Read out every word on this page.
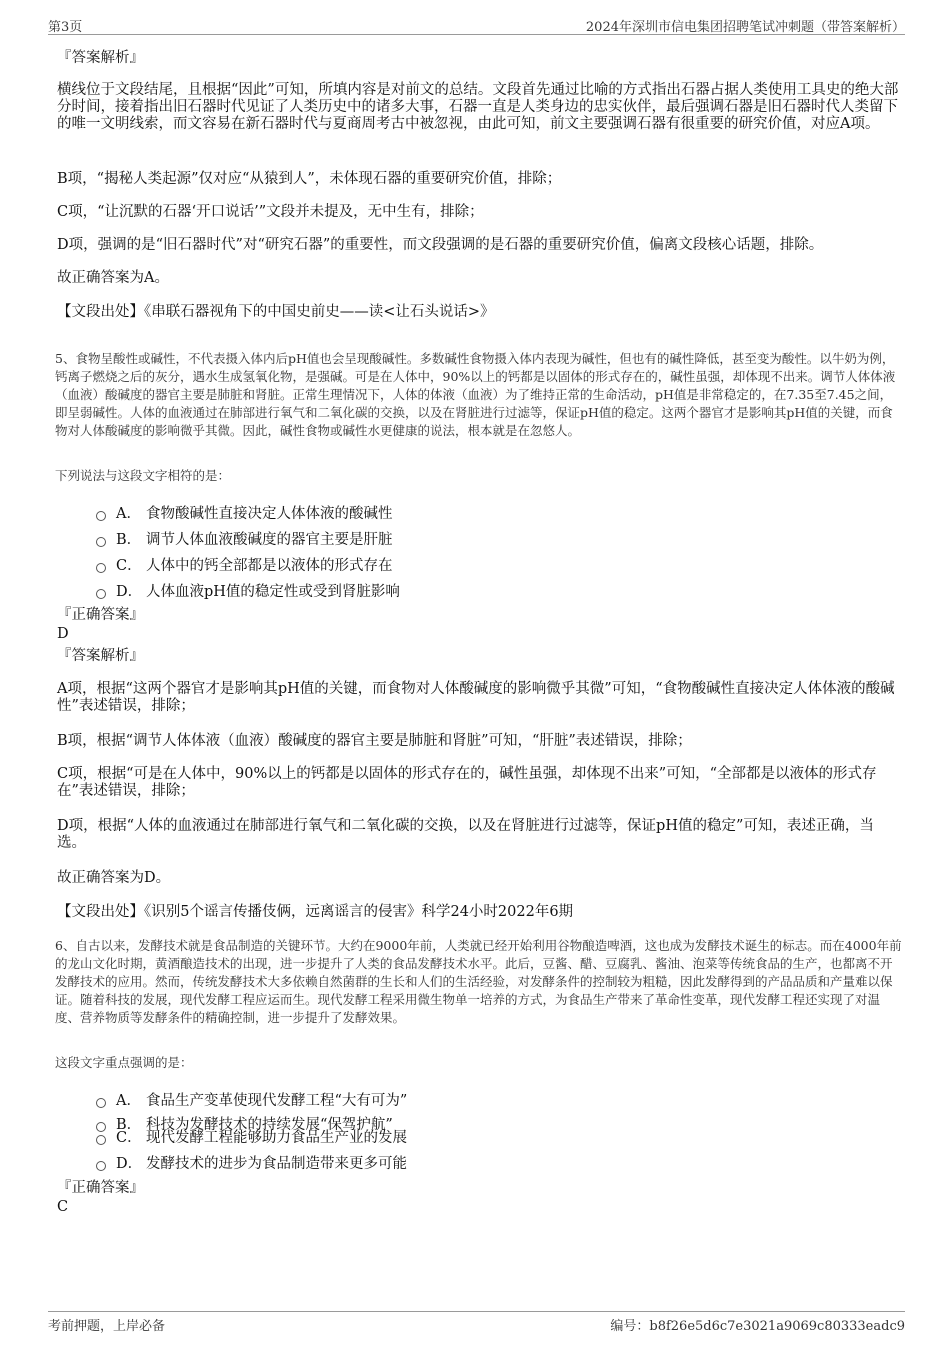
第3页	2024年深圳市信电集团招聘笔试冲刺题（带答案解析）
『答案解析』
横线位于文段结尾，且根据“因此”可知，所填内容是对前文的总结。文段首先通过比喻的方式指出石器占据人类使用工具史的绝大部分时间，接着指出旧石器时代见证了人类历史中的诸多大事，石器一直是人类身边的忠实伙伴，最后强调石器是旧石器时代人类留下的唯一文明线索，而文容易在新石器时代与夏商周考古中被忽视，由此可知，前文主要强调石器有很重要的研究价值，对应A项。
B项，“揭秘人类起源”仅对应“从猿到人”，未体现石器的重要研究价值，排除；
C项，“让沉默的石器‘开口说话’”文段并未提及，无中生有，排除；
D项，强调的是“旧石器时代”对“研究石器”的重要性，而文段强调的是石器的重要研究价值，偏离文段核心话题，排除。
故正确答案为A。
【文段出处】《串联石器视角下的中国史前史——读<让石头说话>》
5、食物呈酸性或碱性，不代表摄入体内后pH值也会呈现酸碱性。多数碱性食物摄入体内表现为碱性，但也有的碱性降低，甚至变为酸性。以牛奶为例，钙离子燃烧之后的灰分，遇水生成氢氧化物，是强碱。可是在人体中，90%以上的钙都是以固体的形式存在的，碱性虽强，却体现不出来。调节人体体液（血液）酸碱度的器官主要是肺脏和肾脏。正常生理情况下，人体的体液（血液）为了维持正常的生命活动，pH值是非常稳定的，在7.35至7.45之间，即呈弱碱性。人体的血液通过在肺部进行氧气和二氧化碳的交换，以及在肾脏进行过滤等，保证pH值的稳定。这两个器官才是影响其pH值的关键，而食物对人体酸碱度的影响微乎其微。因此，碱性食物或碱性水更健康的说法，根本就是在忽悠人。
下列说法与这段文字相符的是：
A． 食物酸碱性直接决定人体体液的酸碱性
B． 调节人体血液酸碱度的器官主要是肝脏
C． 人体中的钙全部都是以液体的形式存在
D． 人体血液pH值的稳定性或受到肾脏影响
『正确答案』
D
『答案解析』
A项，根据“这两个器官才是影响其pH值的关键，而食物对人体酸碱度的影响微乎其微”可知，“食物酸碱性直接决定人体体液的酸碱性”表述错误，排除；
B项，根据“调节人体体液（血液）酸碱度的器官主要是肺脏和肾脏”可知，“肝脏”表述错误，排除；
C项，根据“可是在人体中，90%以上的钙都是以固体的形式存在的，碱性虽强，却体现不出来”可知，“全部都是以液体的形式存在”表述错误，排除；
D项，根据“人体的血液通过在肺部进行氧气和二氧化碳的交换，以及在肾脏进行过滤等，保证pH值的稳定”可知，表述正确，当选。
故正确答案为D。
【文段出处】《识别5个谣言传播伎俩，远离谣言的侵害》科学24小时2022年6期
6、自古以来，发酵技术就是食品制造的关键环节。大约在9000年前，人类就已经开始利用谷物酿造啤酒，这也成为发酵技术诞生的标志。而在4000年前的龙山文化时期，黄酒酿造技术的出现，进一步提升了人类的食品发酵技术水平。此后，豆酱、醋、豆腐乳、酱油、泡菜等传统食品的生产，也都离不开发酵技术的应用。然而，传统发酵技术大多依赖自然菌群的生长和人们的生活经验，对发酵条件的控制较为粗糙，因此发酵得到的产品品质和产量难以保证。随着科技的发展，现代发酵工程应运而生。现代发酵工程采用微生物单一培养的方式，为食品生产带来了革命性变革，现代发酵工程还实现了对温度、营养物质等发酵条件的精确控制，进一步提升了发酵效果。
这段文字重点强调的是：
A． 食品生产变革使现代发酵工程“大有可为”
B． 科技为发酵技术的持续发展“保驾护航”
C． 现代发酵工程能够助力食品生产业的发展
D． 发酵技术的进步为食品制造带来更多可能
『正确答案』
C
考前押题，上岸必备	编号：b8f26e5d6c7e3021a9069c80333eadc9
